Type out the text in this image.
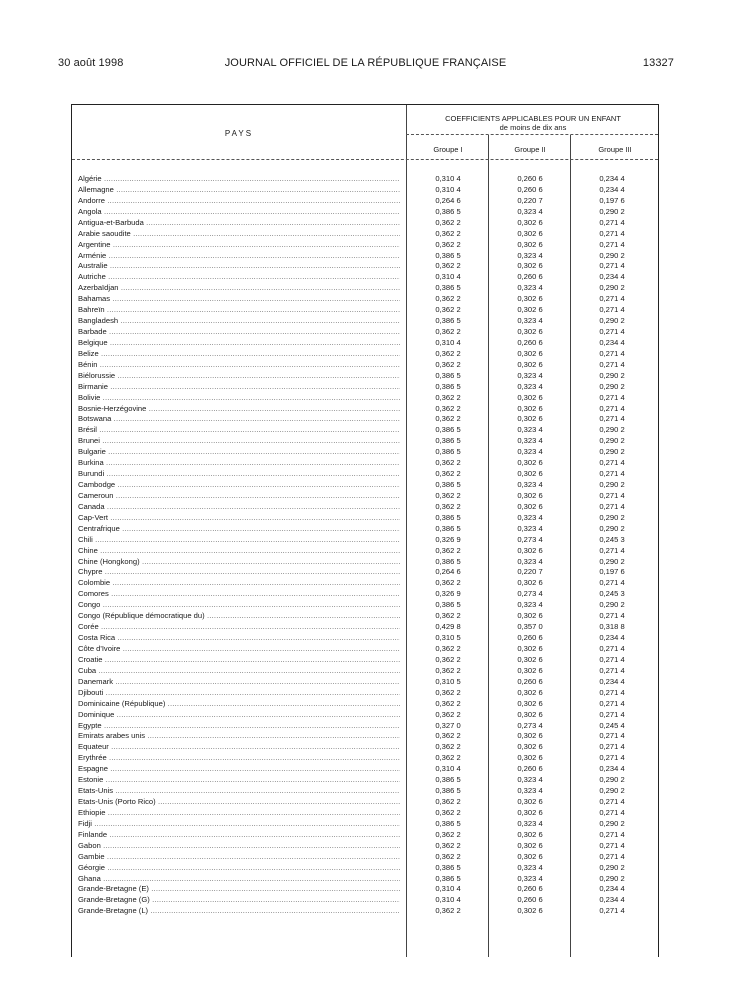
30 août 1998	JOURNAL OFFICIEL DE LA RÉPUBLIQUE FRANÇAISE	13327
PAYS
COEFFICIENTS APPLICABLES POUR UN ENFANT
de moins de dix ans
Groupe I	Groupe II	Groupe III
Algérie .....	0,310 4	0,260 6	0,234 4
Allemagne .....	0,310 4	0,260 6	0,234 4
Andorre .....	0,264 6	0,220 7	0,197 6
Angola .....	0,386 5	0,323 4	0,290 2
Antigua-et-Barbuda .....	0,362 2	0,302 6	0,271 4
Arabie saoudite .....	0,362 2	0,302 6	0,271 4
Argentine .....	0,362 2	0,302 6	0,271 4
Arménie .....	0,386 5	0,323 4	0,290 2
Australie .....	0,362 2	0,302 6	0,271 4
Autriche .....	0,310 4	0,260 6	0,234 4
Azerbaïdjan .....	0,386 5	0,323 4	0,290 2
Bahamas .....	0,362 2	0,302 6	0,271 4
Bahreïn .....	0,362 2	0,302 6	0,271 4
Bangladesh .....	0,386 5	0,323 4	0,290 2
Barbade .....	0,362 2	0,302 6	0,271 4
Belgique .....	0,310 4	0,260 6	0,234 4
Belize .....	0,362 2	0,302 6	0,271 4
Bénin .....	0,362 2	0,302 6	0,271 4
Biélorussie .....	0,386 5	0,323 4	0,290 2
Birmanie .....	0,386 5	0,323 4	0,290 2
Bolivie .....	0,362 2	0,302 6	0,271 4
Bosnie-Herzégovine .....	0,362 2	0,302 6	0,271 4
Botswana .....	0,362 2	0,302 6	0,271 4
Brésil .....	0,386 5	0,323 4	0,290 2
Brunei .....	0,386 5	0,323 4	0,290 2
Bulgarie .....	0,386 5	0,323 4	0,290 2
Burkina .....	0,362 2	0,302 6	0,271 4
Burundi .....	0,362 2	0,302 6	0,271 4
Cambodge .....	0,386 5	0,323 4	0,290 2
Cameroun .....	0,362 2	0,302 6	0,271 4
Canada .....	0,362 2	0,302 6	0,271 4
Cap-Vert .....	0,386 5	0,323 4	0,290 2
Centrafrique .....	0,386 5	0,323 4	0,290 2
Chili .....	0,326 9	0,273 4	0,245 3
Chine .....	0,362 2	0,302 6	0,271 4
Chine (Hongkong) .....	0,386 5	0,323 4	0,290 2
Chypre .....	0,264 6	0,220 7	0,197 6
Colombie .....	0,362 2	0,302 6	0,271 4
Comores .....	0,326 9	0,273 4	0,245 3
Congo .....	0,386 5	0,323 4	0,290 2
Congo (République démocratique du) .....	0,362 2	0,302 6	0,271 4
Corée .....	0,429 8	0,357 0	0,318 8
Costa Rica .....	0,310 5	0,260 6	0,234 4
Côte d'Ivoire .....	0,362 2	0,302 6	0,271 4
Croatie .....	0,362 2	0,302 6	0,271 4
Cuba .....	0,362 2	0,302 6	0,271 4
Danemark .....	0,310 5	0,260 6	0,234 4
Djibouti .....	0,362 2	0,302 6	0,271 4
Dominicaine (République) .....	0,362 2	0,302 6	0,271 4
Dominique .....	0,362 2	0,302 6	0,271 4
Egypte .....	0,327 0	0,273 4	0,245 4
Emirats arabes unis .....	0,362 2	0,302 6	0,271 4
Equateur .....	0,362 2	0,302 6	0,271 4
Erythrée .....	0,362 2	0,302 6	0,271 4
Espagne .....	0,310 4	0,260 6	0,234 4
Estonie .....	0,386 5	0,323 4	0,290 2
Etats-Unis .....	0,386 5	0,323 4	0,290 2
Etats-Unis (Porto Rico) .....	0,362 2	0,302 6	0,271 4
Ethiopie .....	0,362 2	0,302 6	0,271 4
Fidji .....	0,386 5	0,323 4	0,290 2
Finlande .....	0,362 2	0,302 6	0,271 4
Gabon .....	0,362 2	0,302 6	0,271 4
Gambie .....	0,362 2	0,302 6	0,271 4
Géorgie .....	0,386 5	0,323 4	0,290 2
Ghana .....	0,386 5	0,323 4	0,290 2
Grande-Bretagne (E) .....	0,310 4	0,260 6	0,234 4
Grande-Bretagne (G) .....	0,310 4	0,260 6	0,234 4
Grande-Bretagne (L) .....	0,362 2	0,302 6	0,271 4
